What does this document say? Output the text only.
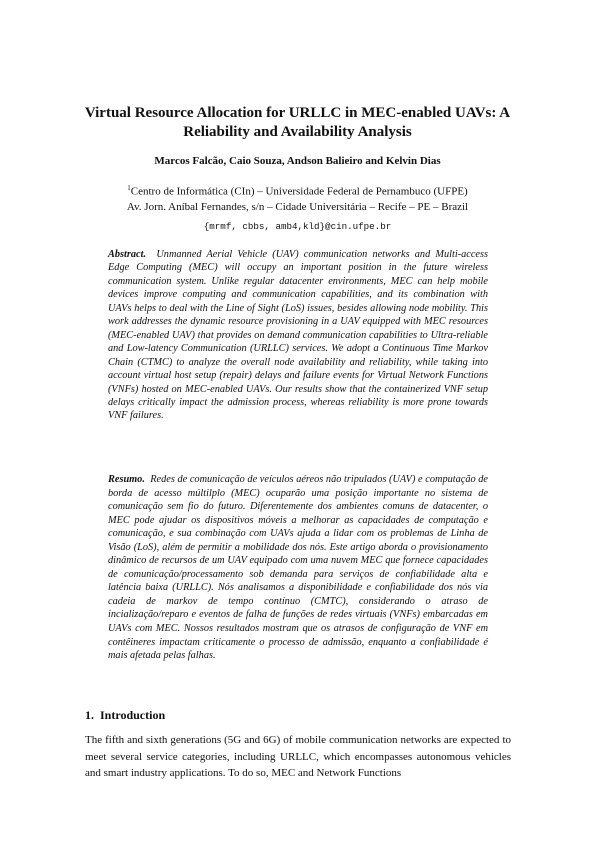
Virtual Resource Allocation for URLLC in MEC-enabled UAVs: A Reliability and Availability Analysis
Marcos Falcão, Caio Souza, Andson Balieiro and Kelvin Dias
$^1$Centro de Informática (CIn) – Universidade Federal de Pernambuco (UFPE)
Av. Jorn. Aníbal Fernandes, s/n – Cidade Universitária – Recife – PE – Brazil
{mrmf, cbbs, amb4,kld}@cin.ufpe.br

Abstract. Unmanned Aerial Vehicle (UAV) communication networks and Multi-access Edge Computing (MEC) will occupy an important position in the future wireless communication system. Unlike regular datacenter environments, MEC can help mobile devices improve computing and communication capabilities, and its combination with UAVs helps to deal with the Line of Sight (LoS) issues, besides allowing node mobility. This work addresses the dynamic resource provisioning in a UAV equipped with MEC resources (MEC-enabled UAV) that provides on demand communication capabilities to Ultra-reliable and Low-latency Communication (URLLC) services. We adopt a Continuous Time Markov Chain (CTMC) to analyze the overall node availability and reliability, while taking into account virtual host setup (repair) delays and failure events for Virtual Network Functions (VNFs) hosted on MEC-enabled UAVs. Our results show that the containerized VNF setup delays critically impact the admission process, whereas reliability is more prone towards VNF failures.

Resumo. Redes de comunicação de veículos aéreos não tripulados (UAV) e computação de borda de acesso múltilplo (MEC) ocuparão uma posição importante no sistema de comunicação sem fio do futuro. Diferentemente dos ambientes comuns de datacenter, o MEC pode ajudar os dispositivos móveis a melhorar as capacidades de computação e comunicação, e sua combinação com UAVs ajuda a lidar com os problemas de Linha de Visão (LoS), além de permitir a mobilidade dos nós. Este artigo aborda o provisionamento dinâmico de recursos de um UAV equipado com uma nuvem MEC que fornece capacidades de comunicação/processamento sob demanda para serviços de confiabilidade alta e latência baixa (URLLC). Nós analisamos a disponibilidade e confiabilidade dos nós via cadeia de markov de tempo contínuo (CMTC), considerando o atraso de incialização/reparo e eventos de falha de funções de redes virtuais (VNFs) embarcadas em UAVs com MEC. Nossos resultados mostram que os atrasos de configuração de VNF em contêineres impactam criticamente o processo de admissão, enquanto a confiabilidade é mais afetada pelas falhas.

1. Introduction

The fifth and sixth generations (5G and 6G) of mobile communication networks are expected to meet several service categories, including URLLC, which encompasses autonomous vehicles and smart industry applications. To do so, MEC and Network Functions
